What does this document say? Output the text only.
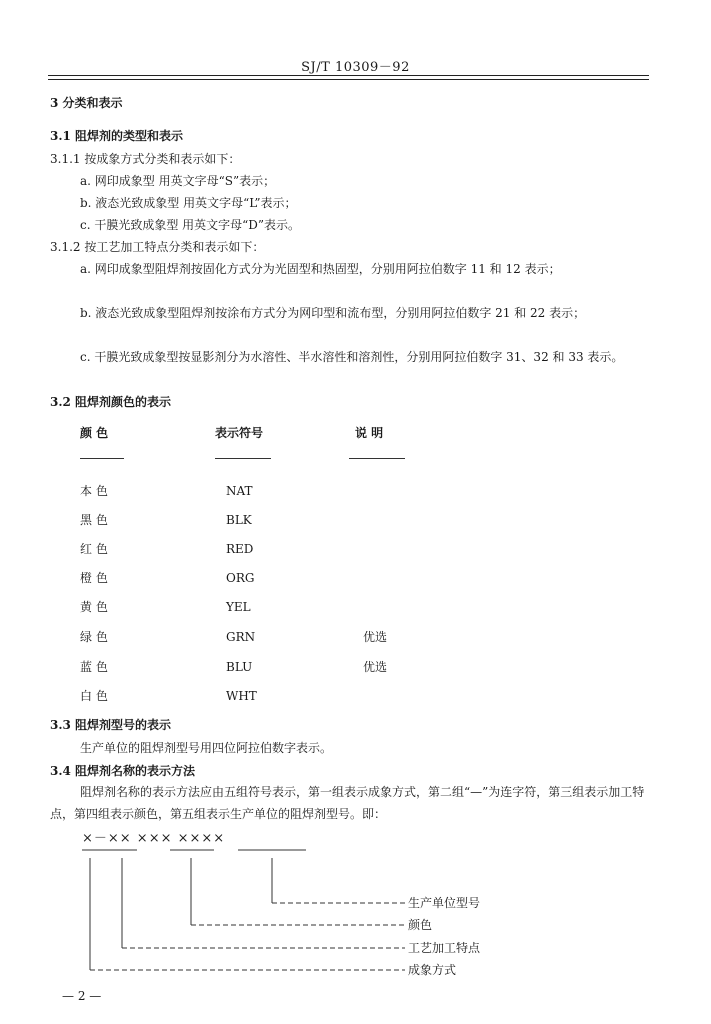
SJ/T 10309－92
3 分类和表示
3.1 阻焊剂的类型和表示
3.1.1 按成象方式分类和表示如下：
a. 网印成象型 用英文字母“S”表示；
b. 液态光致成象型 用英文字母“L”表示；
c. 干膜光致成象型 用英文字母“D”表示。
3.1.2 按工艺加工特点分类和表示如下：
a. 网印成象型阻焊剂按固化方式分为光固型和热固型，分别用阿拉伯数字 11 和 12 表示；
b. 液态光致成象型阻焊剂按涂布方式分为网印型和流布型，分别用阿拉伯数字 21 和 22 表示；
c. 干膜光致成象型按显影剂分为水溶性、半水溶性和溶剂性，分别用阿拉伯数字 31、32 和 33 表示。
3.2 阻焊剂颜色的表示
颜 色	表示符号	说 明
本 色	NAT
黑 色	BLK
红 色	RED
橙 色	ORG
黄 色	YEL
绿 色	GRN	优选
蓝 色	BLU	优选
白 色	WHT
3.3 阻焊剂型号的表示
生产单位的阻焊剂型号用四位阿拉伯数字表示。
3.4 阻焊剂名称的表示方法
阻焊剂名称的表示方法应由五组符号表示，第一组表示成象方式，第二组“—”为连字符，第三组表示加工特点，第四组表示颜色，第五组表示生产单位的阻焊剂型号。即：
×－×× ××× ××××
生产单位型号
颜色
工艺加工特点
成象方式
— 2 —
